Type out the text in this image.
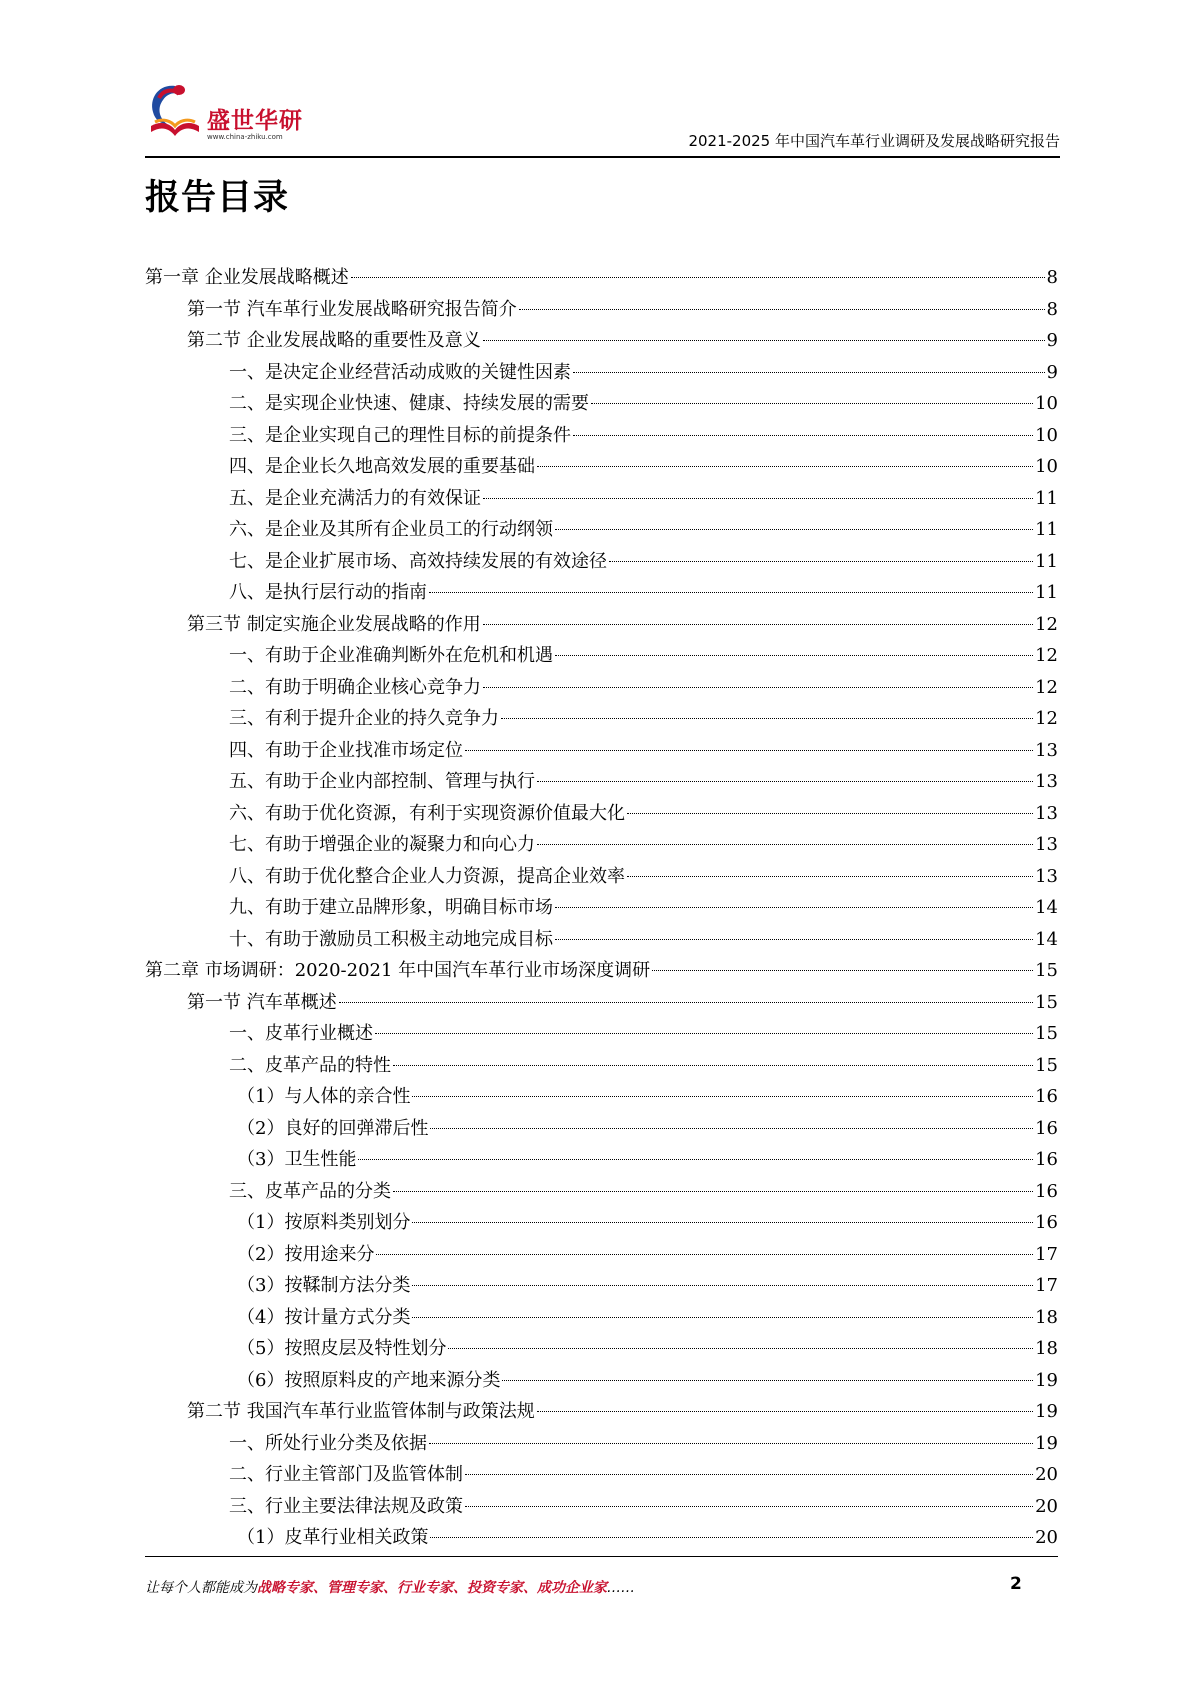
盛世华研
www.china-zhiku.com	2021-2025 年中国汽车革行业调研及发展战略研究报告
报告目录
第一章 企业发展战略概述	8
第一节 汽车革行业发展战略研究报告简介	8
第二节 企业发展战略的重要性及意义	9
一、是决定企业经营活动成败的关键性因素	9
二、是实现企业快速、健康、持续发展的需要	10
三、是企业实现自己的理性目标的前提条件	10
四、是企业长久地高效发展的重要基础	10
五、是企业充满活力的有效保证	11
六、是企业及其所有企业员工的行动纲领	11
七、是企业扩展市场、高效持续发展的有效途径	11
八、是执行层行动的指南	11
第三节 制定实施企业发展战略的作用	12
一、有助于企业准确判断外在危机和机遇	12
二、有助于明确企业核心竞争力	12
三、有利于提升企业的持久竞争力	12
四、有助于企业找准市场定位	13
五、有助于企业内部控制、管理与执行	13
六、有助于优化资源，有利于实现资源价值最大化	13
七、有助于增强企业的凝聚力和向心力	13
八、有助于优化整合企业人力资源，提高企业效率	13
九、有助于建立品牌形象，明确目标市场	14
十、有助于激励员工积极主动地完成目标	14
第二章 市场调研：2020-2021 年中国汽车革行业市场深度调研	15
第一节 汽车革概述	15
一、皮革行业概述	15
二、皮革产品的特性	15
（1）与人体的亲合性	16
（2）良好的回弹滞后性	16
（3）卫生性能	16
三、皮革产品的分类	16
（1）按原料类别划分	16
（2）按用途来分	17
（3）按鞣制方法分类	17
（4）按计量方式分类	18
（5）按照皮层及特性划分	18
（6）按照原料皮的产地来源分类	19
第二节 我国汽车革行业监管体制与政策法规	19
一、所处行业分类及依据	19
二、行业主管部门及监管体制	20
三、行业主要法律法规及政策	20
（1）皮革行业相关政策	20
让每个人都能成为战略专家、管理专家、行业专家、投资专家、成功企业家……	2
